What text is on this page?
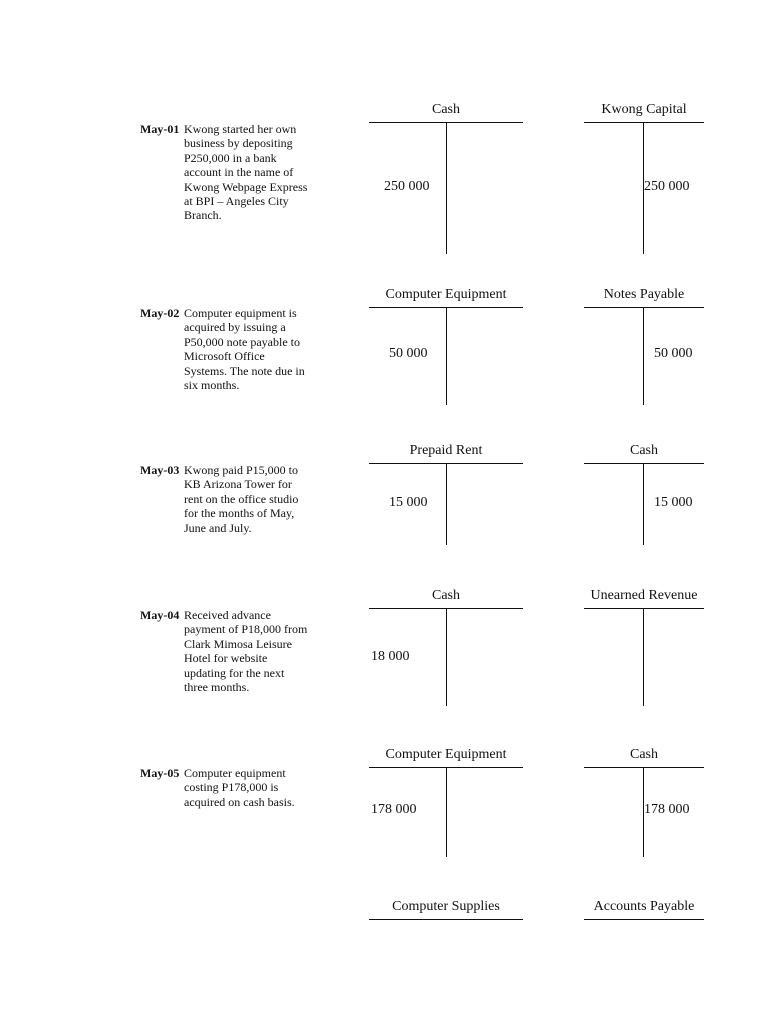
May-01 Kwong started her own business by depositing P250,000 in a bank account in the name of Kwong Webpage Express at BPI – Angeles City Branch.
May-02 Computer equipment is acquired by issuing a P50,000 note payable to Microsoft Office Systems. The note due in six months.
May-03 Kwong paid P15,000 to KB Arizona Tower for rent on the office studio for the months of May, June and July.
May-04 Received advance payment of P18,000 from Clark Mimosa Leisure Hotel for website updating for the next three months.
May-05 Computer equipment costing P178,000 is acquired on cash basis.
Cash
250 000
Kwong Capital
250 000
Computer Equipment
50 000
Notes Payable
50 000
Prepaid Rent
15 000
Cash
15 000
Cash
18 000
Unearned Revenue
Computer Equipment
178 000
Cash
178 000
Computer Supplies	Accounts Payable
